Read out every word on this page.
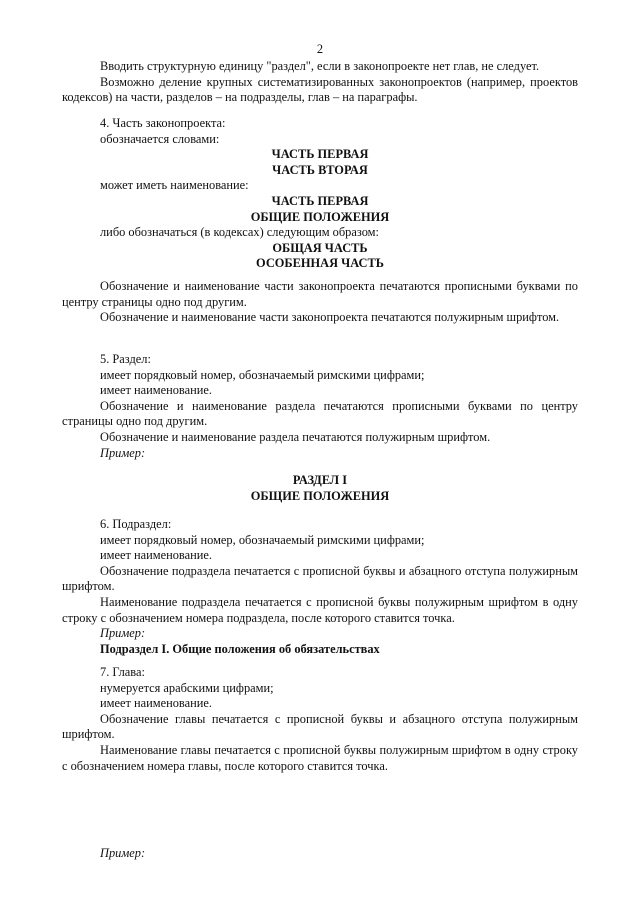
2

Вводить структурную единицу "раздел", если в законопроекте нет глав, не следует.

Возможно деление крупных систематизированных законопроектов (например, проектов кодексов) на части, разделов – на подразделы, глав – на параграфы.

4. Часть законопроекта:

обозначается словами:

ЧАСТЬ ПЕРВАЯ

ЧАСТЬ ВТОРАЯ

может иметь наименование:

ЧАСТЬ ПЕРВАЯ

ОБЩИЕ ПОЛОЖЕНИЯ

либо обозначаться (в кодексах) следующим образом:

ОБЩАЯ ЧАСТЬ

ОСОБЕННАЯ ЧАСТЬ

Обозначение и наименование части законопроекта печатаются прописными буквами по центру страницы одно под другим.

Обозначение и наименование части законопроекта печатаются полужирным шрифтом.

5. Раздел:

имеет порядковый номер, обозначаемый римскими цифрами;

имеет наименование.

Обозначение и наименование раздела печатаются прописными буквами по центру страницы одно под другим.

Обозначение и наименование раздела печатаются полужирным шрифтом.

Пример:

РАЗДЕЛ I

ОБЩИЕ ПОЛОЖЕНИЯ

6. Подраздел:

имеет порядковый номер, обозначаемый римскими цифрами;

имеет наименование.

Обозначение подраздела печатается с прописной буквы и абзацного отступа полужирным шрифтом.

Наименование подраздела печатается с прописной буквы полужирным шрифтом в одну строку с обозначением номера подраздела, после которого ставится точка.

Пример:

Подраздел I. Общие положения об обязательствах

7. Глава:

нумеруется арабскими цифрами;

имеет наименование.

Обозначение главы печатается с прописной буквы и абзацного отступа полужирным шрифтом.

Наименование главы печатается с прописной буквы полужирным шрифтом в одну строку с обозначением номера главы, после которого ставится точка.

Пример:
